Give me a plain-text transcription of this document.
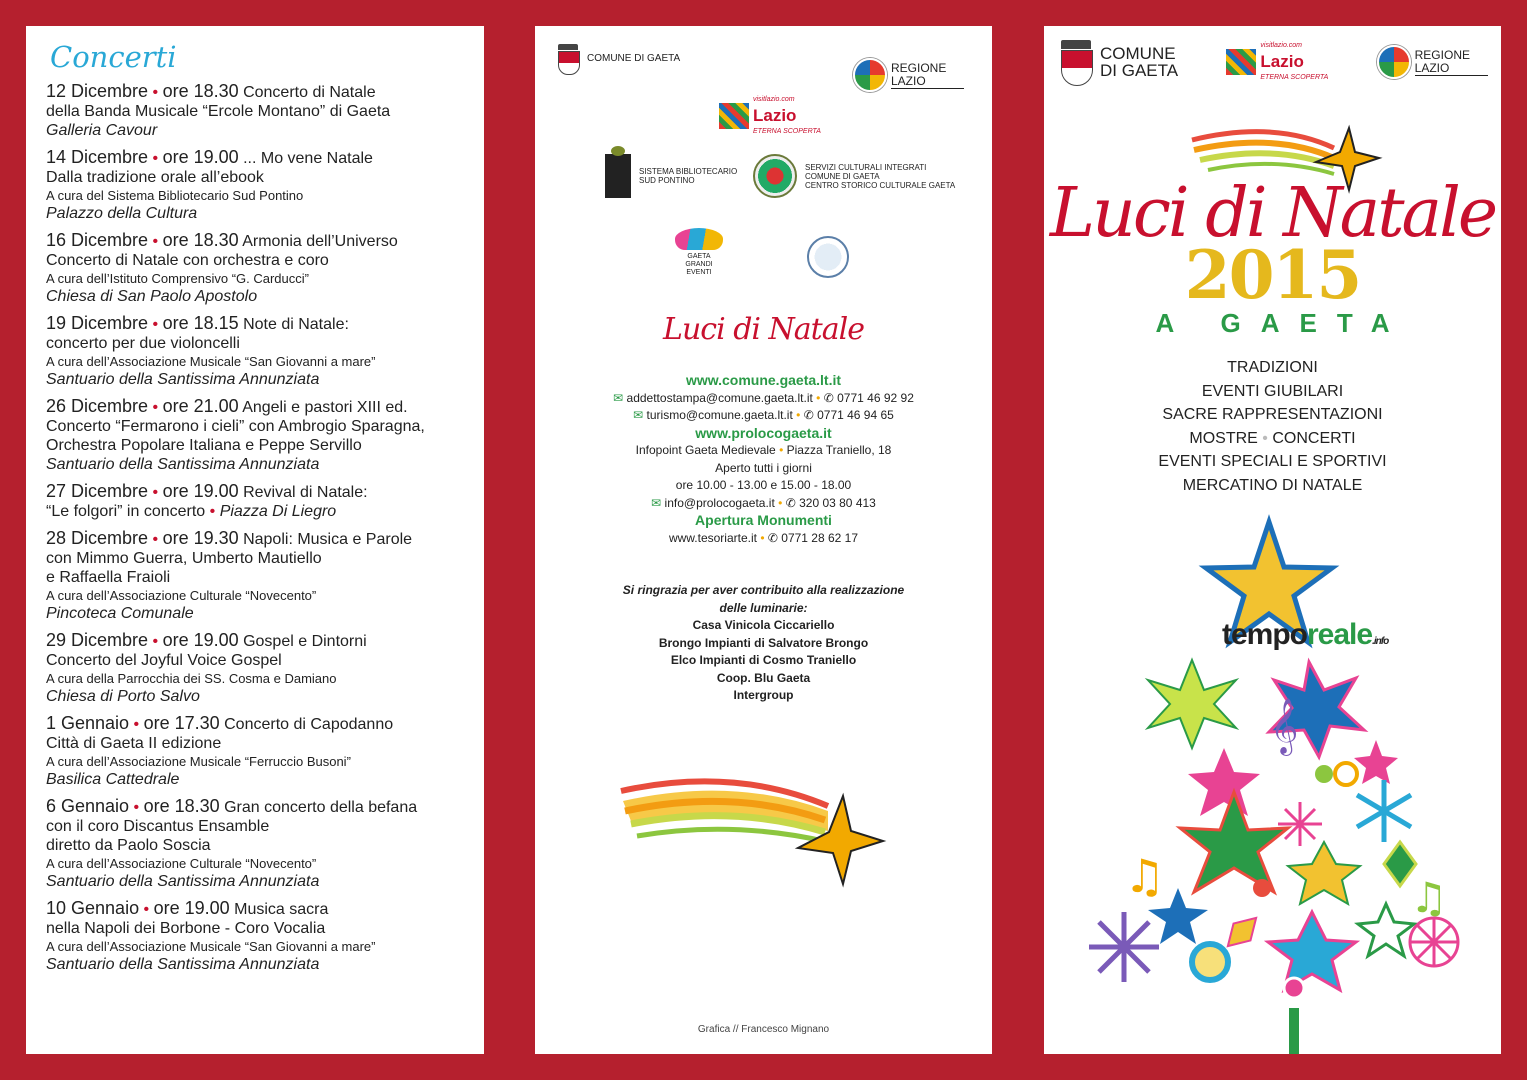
Concerti
12 Dicembre • ore 18.30 Concerto di Natale
della Banda Musicale “Ercole Montano” di Gaeta
Galleria Cavour
14 Dicembre • ore 19.00 ... Mo vene Natale
Dalla tradizione orale all’ebook
A cura del Sistema Bibliotecario Sud Pontino
Palazzo della Cultura
16 Dicembre • ore 18.30 Armonia dell’Universo
Concerto di Natale con orchestra e coro
A cura dell’Istituto Comprensivo “G. Carducci”
Chiesa di San Paolo Apostolo
19 Dicembre • ore 18.15 Note di Natale:
concerto per due violoncelli
A cura dell’Associazione Musicale “San Giovanni a mare”
Santuario della Santissima Annunziata
26 Dicembre • ore 21.00 Angeli e pastori XIII ed.
Concerto “Fermarono i cieli” con Ambrogio Sparagna,
Orchestra Popolare Italiana e Peppe Servillo
Santuario della Santissima Annunziata
27 Dicembre • ore 19.00 Revival di Natale:
“Le folgori” in concerto • Piazza Di Liegro
28 Dicembre • ore 19.30 Napoli: Musica e Parole
con Mimmo Guerra, Umberto Mautiello
e Raffaella Fraioli
A cura dell’Associazione Culturale “Novecento”
Pincoteca Comunale
29 Dicembre • ore 19.00 Gospel e Dintorni
Concerto del Joyful Voice Gospel
A cura della Parrocchia dei SS. Cosma e Damiano
Chiesa di Porto Salvo
1 Gennaio • ore 17.30 Concerto di Capodanno
Città di Gaeta II edizione
A cura dell’Associazione Musicale “Ferruccio Busoni”
Basilica Cattedrale
6 Gennaio • ore 18.30 Gran concerto della befana
con il coro Discantus Ensamble
diretto da Paolo Soscia
A cura dell’Associazione Culturale “Novecento”
Santuario della Santissima Annunziata
10 Gennaio • ore 19.00 Musica sacra
nella Napoli dei Borbone - Coro Vocalia
A cura dell’Associazione Musicale “San Giovanni a mare”
Santuario della Santissima Annunziata
COMUNE DI GAETA
REGIONE
LAZIO
visitlazio.com
Lazio
ETERNA SCOPERTA
SISTEMA BIBLIOTECARIO
SUD PONTINO
SERVIZI CULTURALI INTEGRATI
COMUNE DI GAETA
CENTRO STORICO CULTURALE GAETA
GAETA
GRANDI
EVENTI
Luci di Natale
www.comune.gaeta.lt.it
✉ addettostampa@comune.gaeta.lt.it • ✆ 0771 46 92 92
✉ turismo@comune.gaeta.lt.it • ✆ 0771 46 94 65
www.prolocogaeta.it
Infopoint Gaeta Medievale • Piazza Traniello, 18
Aperto tutti i giorni
ore 10.00 - 13.00 e 15.00 - 18.00
✉ info@prolocogaeta.it • ✆ 320 03 80 413
Apertura Monumenti
www.tesoriarte.it • ✆ 0771 28 62 17
Si ringrazia per aver contribuito alla realizzazione
delle luminarie:
Casa Vinicola Ciccariello
Brongo Impianti di Salvatore Brongo
Elco Impianti di Cosmo Traniello
Coop. Blu Gaeta
Intergroup
Grafica // Francesco Mignano
COMUNE
DI GAETA
visitlazio.com
Lazio
ETERNA SCOPERTA
REGIONE
LAZIO
Luci di Natale
2015
A GAETA
TRADIZIONI
EVENTI GIUBILARI
SACRE RAPPRESENTAZIONI
MOSTRE • CONCERTI
EVENTI SPECIALI E SPORTIVI
MERCATINO DI NATALE
𝄞
♫	♫
temporeale.info
